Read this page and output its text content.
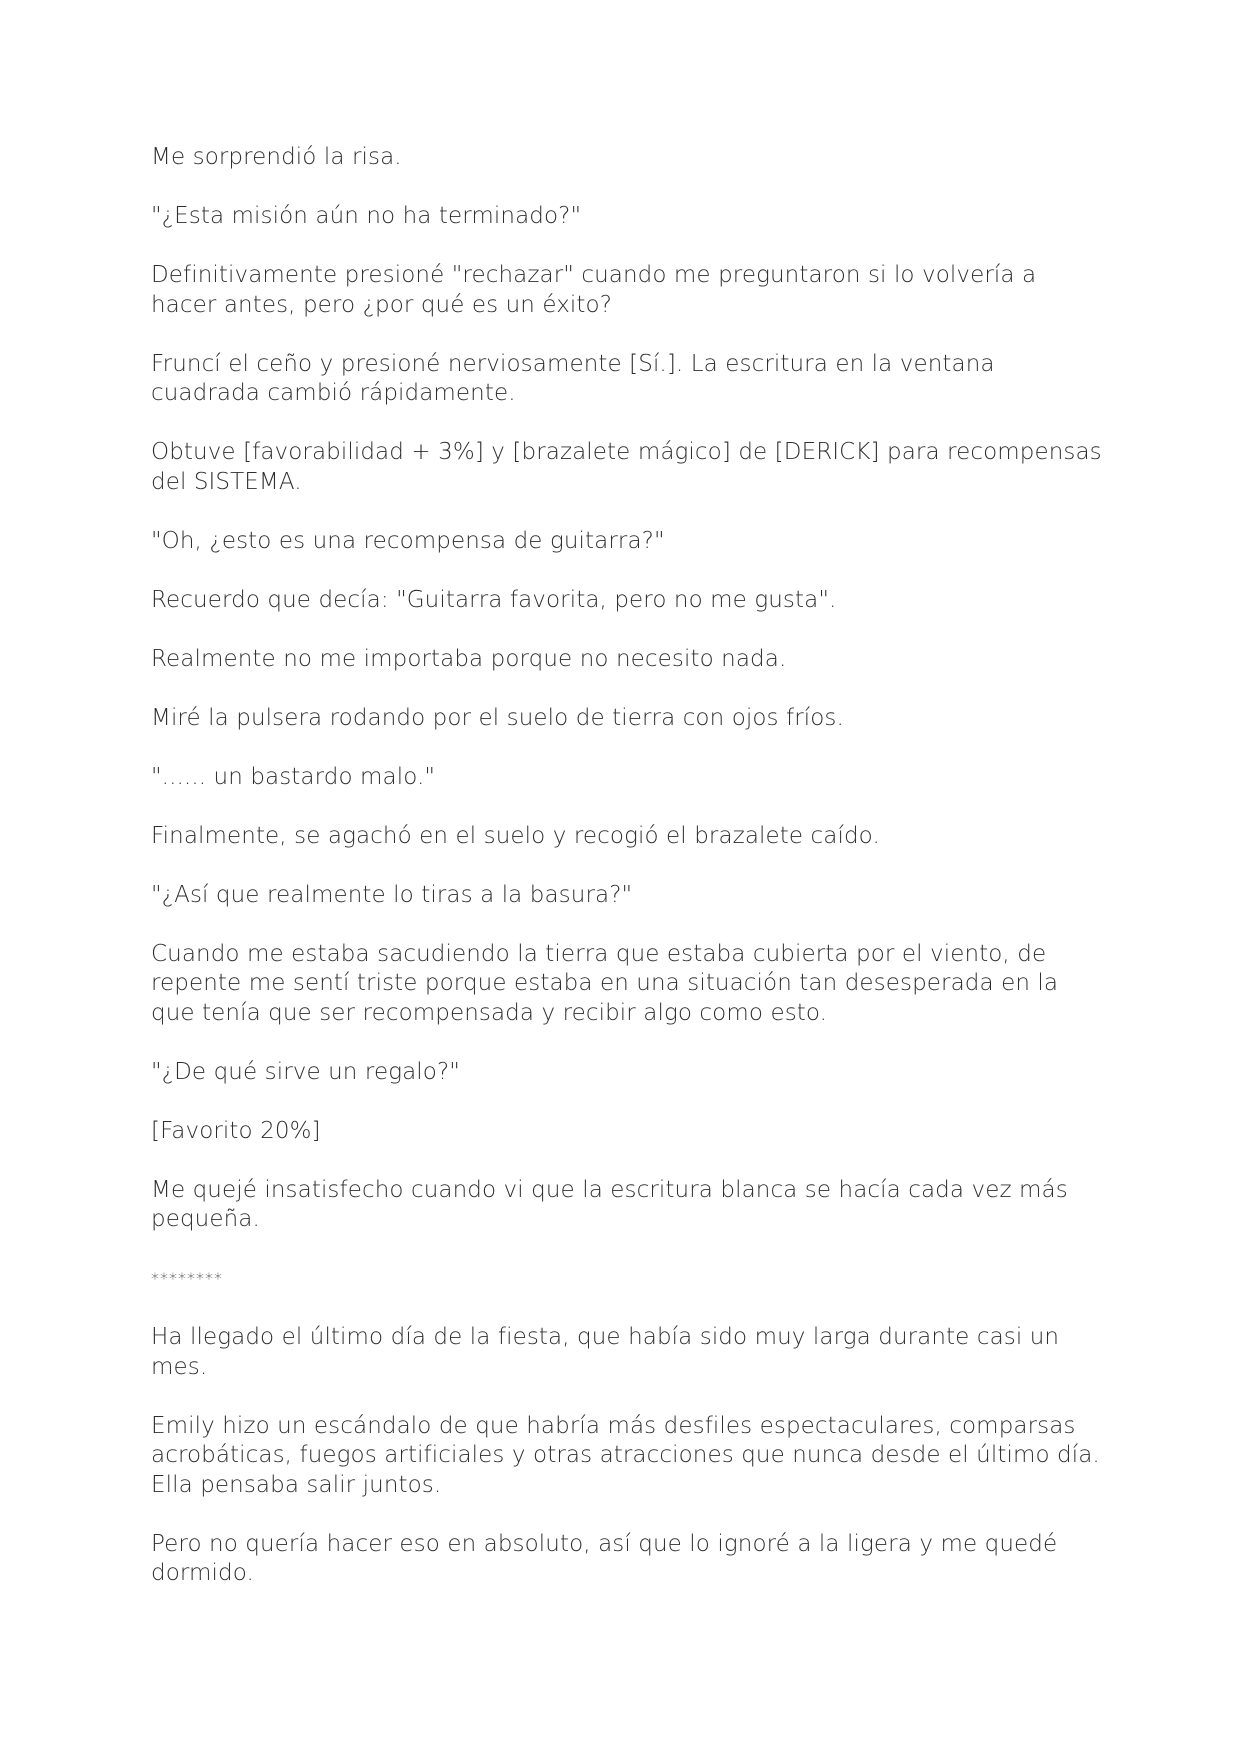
Me sorprendió la risa.

"¿Esta misión aún no ha terminado?"

Definitivamente presioné "rechazar" cuando me preguntaron si lo volvería a hacer antes, pero ¿por qué es un éxito?

Fruncí el ceño y presioné nerviosamente [Sí.]. La escritura en la ventana cuadrada cambió rápidamente.

Obtuve [favorabilidad + 3%] y [brazalete mágico] de [DERICK] para recompensas del SISTEMA.

"Oh, ¿esto es una recompensa de guitarra?"

Recuerdo que decía: "Guitarra favorita, pero no me gusta".

Realmente no me importaba porque no necesito nada.

Miré la pulsera rodando por el suelo de tierra con ojos fríos.

"...... un bastardo malo."

Finalmente, se agachó en el suelo y recogió el brazalete caído.

"¿Así que realmente lo tiras a la basura?"

Cuando me estaba sacudiendo la tierra que estaba cubierta por el viento, de repente me sentí triste porque estaba en una situación tan desesperada en la que tenía que ser recompensada y recibir algo como esto.

"¿De qué sirve un regalo?"

[Favorito 20%]

Me quejé insatisfecho cuando vi que la escritura blanca se hacía cada vez más pequeña.

********

Ha llegado el último día de la fiesta, que había sido muy larga durante casi un mes.

Emily hizo un escándalo de que habría más desfiles espectaculares, comparsas acrobáticas, fuegos artificiales y otras atracciones que nunca desde el último día. Ella pensaba salir juntos.

Pero no quería hacer eso en absoluto, así que lo ignoré a la ligera y me quedé dormido.
